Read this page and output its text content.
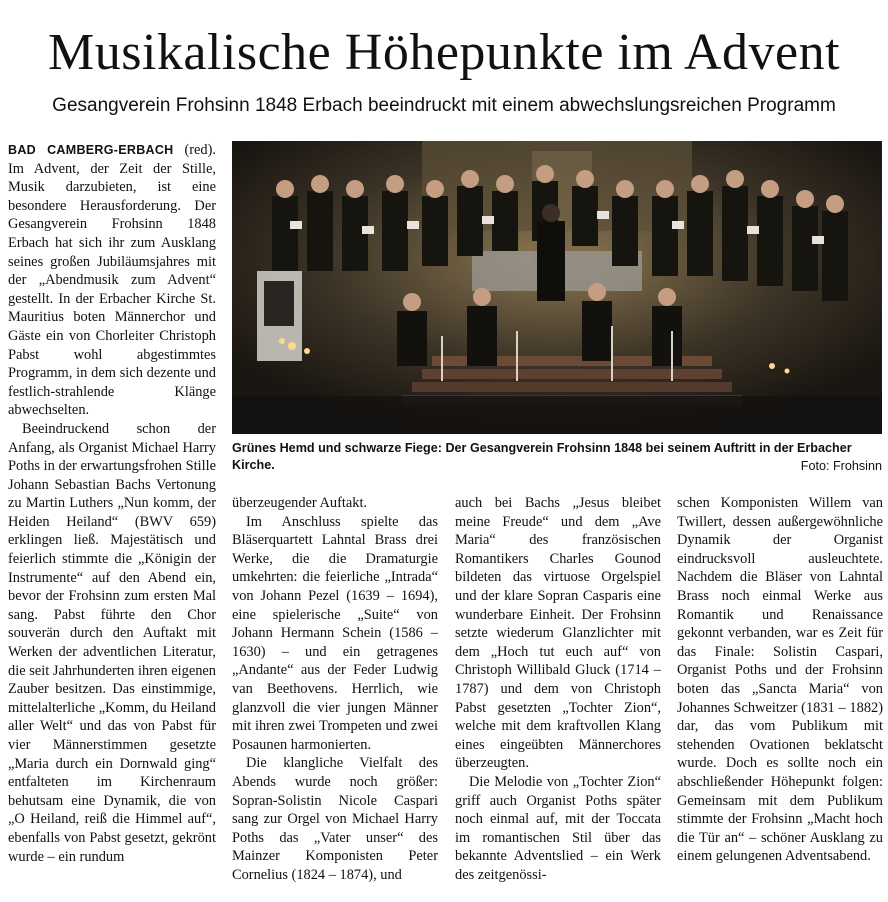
Musikalische Höhepunkte im Advent
Gesangverein Frohsinn 1848 Erbach beeindruckt mit einem abwechslungsreichen Programm

BAD CAMBERG-ERBACH (red). Im Advent, der Zeit der Stille, Musik darzubieten, ist eine besondere Herausforderung. Der Gesangverein Frohsinn 1848 Erbach hat sich ihr zum Ausklang seines großen Jubiläumsjahres mit der „Abendmusik zum Advent“ gestellt. In der Erbacher Kirche St. Mauritius boten Männerchor und Gäste ein von Chorleiter Christoph Pabst wohl abgestimmtes Programm, in dem sich dezente und festlich-strahlende Klänge abwechselten.

Beeindruckend schon der Anfang, als Organist Michael Harry Poths in der erwartungsfrohen Stille Johann Sebastian Bachs Vertonung zu Martin Luthers „Nun komm, der Heiden Heiland“ (BWV 659) erklingen ließ. Majestätisch und feierlich stimmte die „Königin der Instrumente“ auf den Abend ein, bevor der Frohsinn zum ersten Mal sang. Pabst führte den Chor souverän durch den Auftakt mit Werken der adventlichen Literatur, die seit Jahrhunderten ihren eigenen Zauber besitzen. Das einstimmige, mittelalterliche „Komm, du Heiland aller Welt“ und das von Pabst für vier Männerstimmen gesetzte „Maria durch ein Dornwald ging“ entfalteten im Kirchenraum behutsam eine Dynamik, die von „O Heiland, reiß die Himmel auf“, ebenfalls von Pabst gesetzt, gekrönt wurde – ein rundum

Grünes Hemd und schwarze Fiege: Der Gesangverein Frohsinn 1848 bei seinem Auftritt in der Erbacher Kirche.	Foto: Frohsinn

überzeugender Auftakt.

Im Anschluss spielte das Bläserquartett Lahntal Brass drei Werke, die die Dramaturgie umkehrten: die feierliche „Intrada“ von Johann Pezel (1639 – 1694), eine spielerische „Suite“ von Johann Hermann Schein (1586 – 1630) – und ein getragenes „Andante“ aus der Feder Ludwig van Beethovens. Herrlich, wie glanzvoll die vier jungen Männer mit ihren zwei Trompeten und zwei Posaunen harmonierten.

Die klangliche Vielfalt des Abends wurde noch größer: Sopran-Solistin Nicole Caspari sang zur Orgel von Michael Harry Poths das „Vater unser“ des Mainzer Komponisten Peter Cornelius (1824 – 1874), und

auch bei Bachs „Jesus bleibet meine Freude“ und dem „Ave Maria“ des französischen Romantikers Charles Gounod bildeten das virtuose Orgelspiel und der klare Sopran Casparis eine wunderbare Einheit. Der Frohsinn setzte wiederum Glanzlichter mit dem „Hoch tut euch auf“ von Christoph Willibald Gluck (1714 – 1787) und dem von Christoph Pabst gesetzten „Tochter Zion“, welche mit dem kraftvollen Klang eines eingeübten Männerchores überzeugten.

Die Melodie von „Tochter Zion“ griff auch Organist Poths später noch einmal auf, mit der Toccata im romantischen Stil über das bekannte Adventslied – ein Werk des zeitgenössi-

schen Komponisten Willem van Twillert, dessen außergewöhnliche Dynamik der Organist eindrucksvoll ausleuchtete. Nachdem die Bläser von Lahntal Brass noch einmal Werke aus Romantik und Renaissance gekonnt verbanden, war es Zeit für das Finale: Solistin Caspari, Organist Poths und der Frohsinn boten das „Sancta Maria“ von Johannes Schweitzer (1831 – 1882) dar, das vom Publikum mit stehenden Ovationen beklatscht wurde. Doch es sollte noch ein abschließender Höhepunkt folgen: Gemeinsam mit dem Publikum stimmte der Frohsinn „Macht hoch die Tür an“ – schöner Ausklang zu einem gelungenen Adventsabend.
